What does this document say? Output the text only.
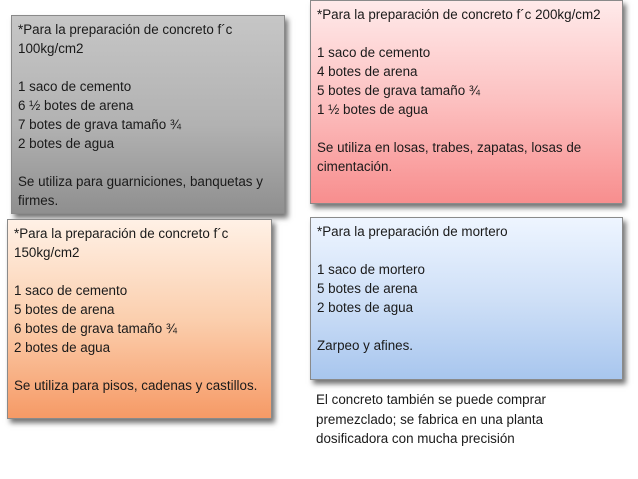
*Para la preparación de concreto f´c 100kg/cm2

1 saco de cemento

6 ½ botes de arena

7 botes de grava tamaño ¾

2 botes de agua

Se utiliza para guarniciones, banquetas y firmes.

*Para la preparación de concreto f´c 200kg/cm2

1 saco de cemento

4 botes de arena

5 botes de grava tamaño ¾

1 ½ botes de agua

Se utiliza en losas, trabes, zapatas, losas de cimentación.

*Para la preparación de concreto f´c 150kg/cm2

1 saco de cemento

5 botes de arena

6 botes de grava tamaño ¾

2 botes de agua

Se utiliza para pisos, cadenas y castillos.

*Para la preparación de mortero

1 saco de mortero

5 botes de arena

2 botes de agua

Zarpeo y afines.

El concreto también se puede comprar premezclado; se fabrica en una planta dosificadora con mucha precisión
